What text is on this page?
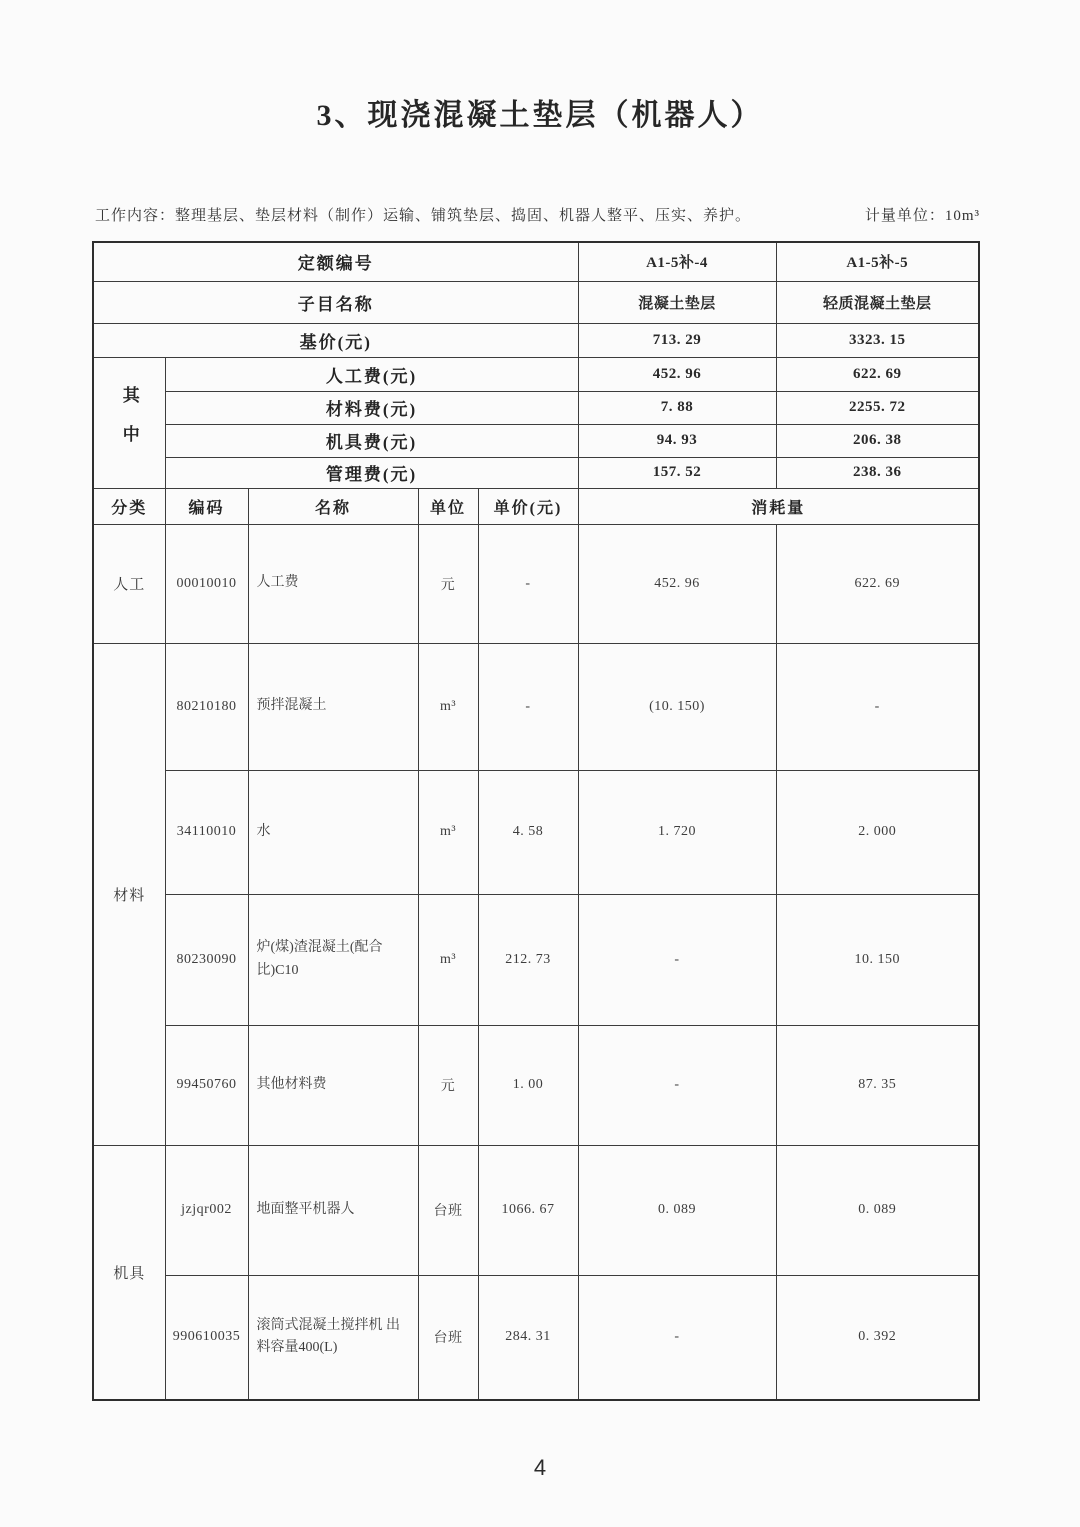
3、现浇混凝土垫层（机器人）
工作内容：整理基层、垫层材料（制作）运输、铺筑垫层、捣固、机器人整平、压实、养护。	计量单位：10m³
定额编号					A1-5补-4	A1-5补-5
子目名称					混凝土垫层	轻质混凝土垫层
基价(元)					713. 29	3323. 15
其中	人工费(元)				452. 96	622. 69
	材料费(元)				7. 88	2255. 72
	机具费(元)				94. 93	206. 38
	管理费(元)				157. 52	238. 36
分类	编码	名称	单位	单价(元)	消耗量	
人工	00010010	人工费	元	-	452. 96	622. 69
材料	80210180	预拌混凝土	m³	-	(10. 150)	-
	34110010	水	m³	4. 58	1. 720	2. 000
	80230090	炉(煤)渣混凝土(配合比)C10	m³	212. 73	-	10. 150
	99450760	其他材料费	元	1. 00	-	87. 35
机具	jzjqr002	地面整平机器人	台班	1066. 67	0. 089	0. 089
	990610035	滚筒式混凝土搅拌机 出料容量400(L)	台班	284. 31	-	0. 392
4
